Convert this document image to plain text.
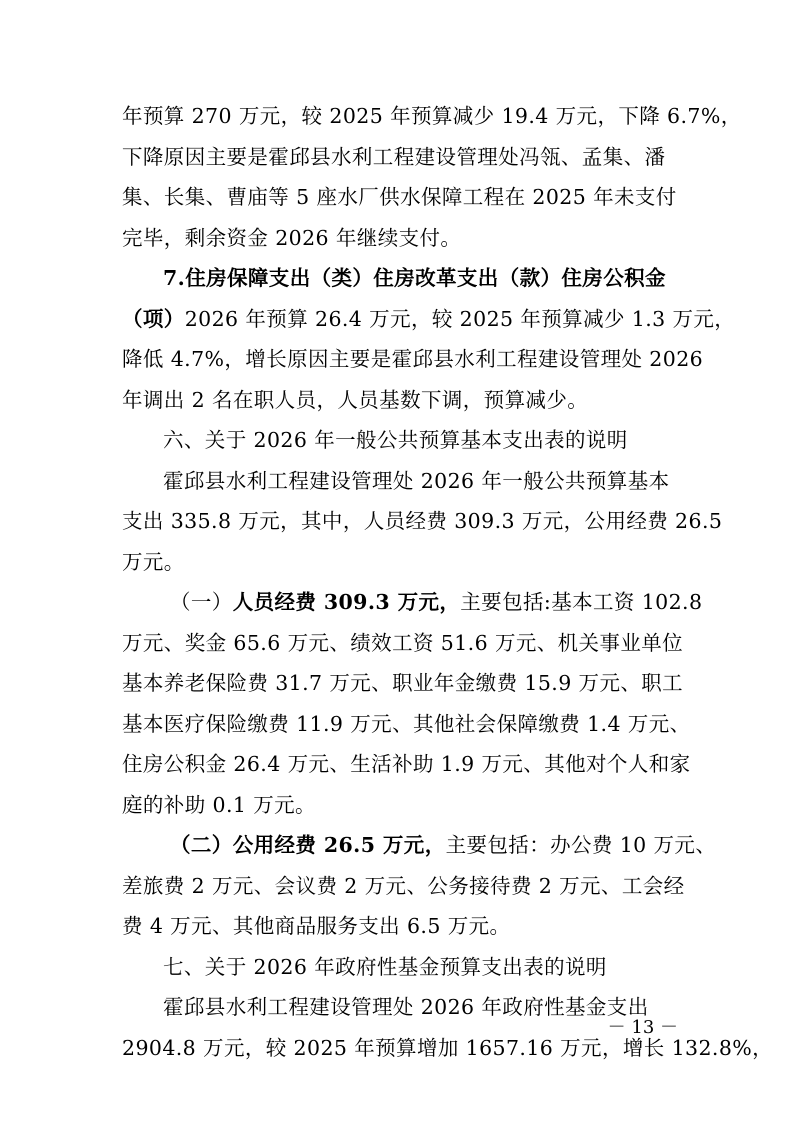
年预算 270 万元，较 2025 年预算减少 19.4 万元，下降 6.7%，
下降原因主要是霍邱县水利工程建设管理处冯瓴、孟集、潘
集、长集、曹庙等 5 座水厂供水保障工程在 2025 年未支付
完毕，剩余资金 2026 年继续支付。
7.住房保障支出（类）住房改革支出（款）住房公积金
（项）2026 年预算 26.4 万元，较 2025 年预算减少 1.3 万元，
降低 4.7%，增长原因主要是霍邱县水利工程建设管理处 2026
年调出 2 名在职人员，人员基数下调，预算减少。
六、关于 2026 年一般公共预算基本支出表的说明
霍邱县水利工程建设管理处 2026 年一般公共预算基本
支出 335.8 万元，其中，人员经费 309.3 万元，公用经费 26.5
万元。
（一）人员经费 309.3 万元，主要包括:基本工资 102.8
万元、奖金 65.6 万元、绩效工资 51.6 万元、机关事业单位
基本养老保险费 31.7 万元、职业年金缴费 15.9 万元、职工
基本医疗保险缴费 11.9 万元、其他社会保障缴费 1.4 万元、
住房公积金 26.4 万元、生活补助 1.9 万元、其他对个人和家
庭的补助 0.1 万元。
（二）公用经费 26.5 万元，主要包括：办公费 10 万元、
差旅费 2 万元、会议费 2 万元、公务接待费 2 万元、工会经
费 4 万元、其他商品服务支出 6.5 万元。
七、关于 2026 年政府性基金预算支出表的说明
霍邱县水利工程建设管理处 2026 年政府性基金支出
2904.8 万元，较 2025 年预算增加 1657.16 万元，增长 132.8%，
－ 13 －
